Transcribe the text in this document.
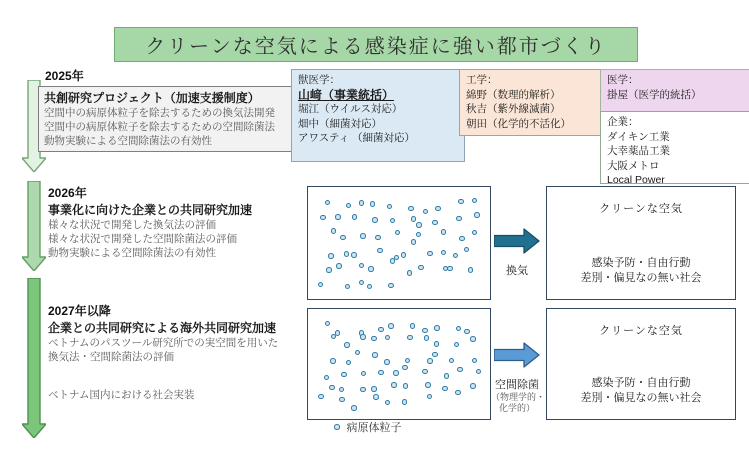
クリーンな空気による感染症に強い都市づくり
2025年
共創研究プロジェクト（加速支援制度）
空間中の病原体粒子を除去するための換気法開発
空間中の病原体粒子を除去するための空間除菌法
動物実験による空間除菌法の有効性
2026年
事業化に向けた企業との共同研究加速
様々な状況で開発した換気法の評価
様々な状況で開発した空間除菌法の評価
動物実験による空間除菌法の有効性
2027年以降
企業との共同研究による海外共同研究加速
ベトナムのパスツール研究所での実空間を用いた
換気法・空間除菌法の評価
ベトナム国内における社会実装
獣医学：
山﨑（事業統括）
堀江（ウイルス対応）
畑中（細菌対応）
アワスティ （細菌対応）
工学：
綿野（数理的解析）
秋吉（紫外線滅菌）
朝田（化学的不活化）
医学：
掛屋（医学的統括）
企業：
ダイキン工業
大幸薬品工業
大阪メトロ
Local Power
換気
クリーンな空気
感染予防・自由行動
差別・偏見なの無い社会
空間除菌
（物理学的・
化学的）
クリーンな空気
感染予防・自由行動
差別・偏見なの無い社会
病原体粒子
